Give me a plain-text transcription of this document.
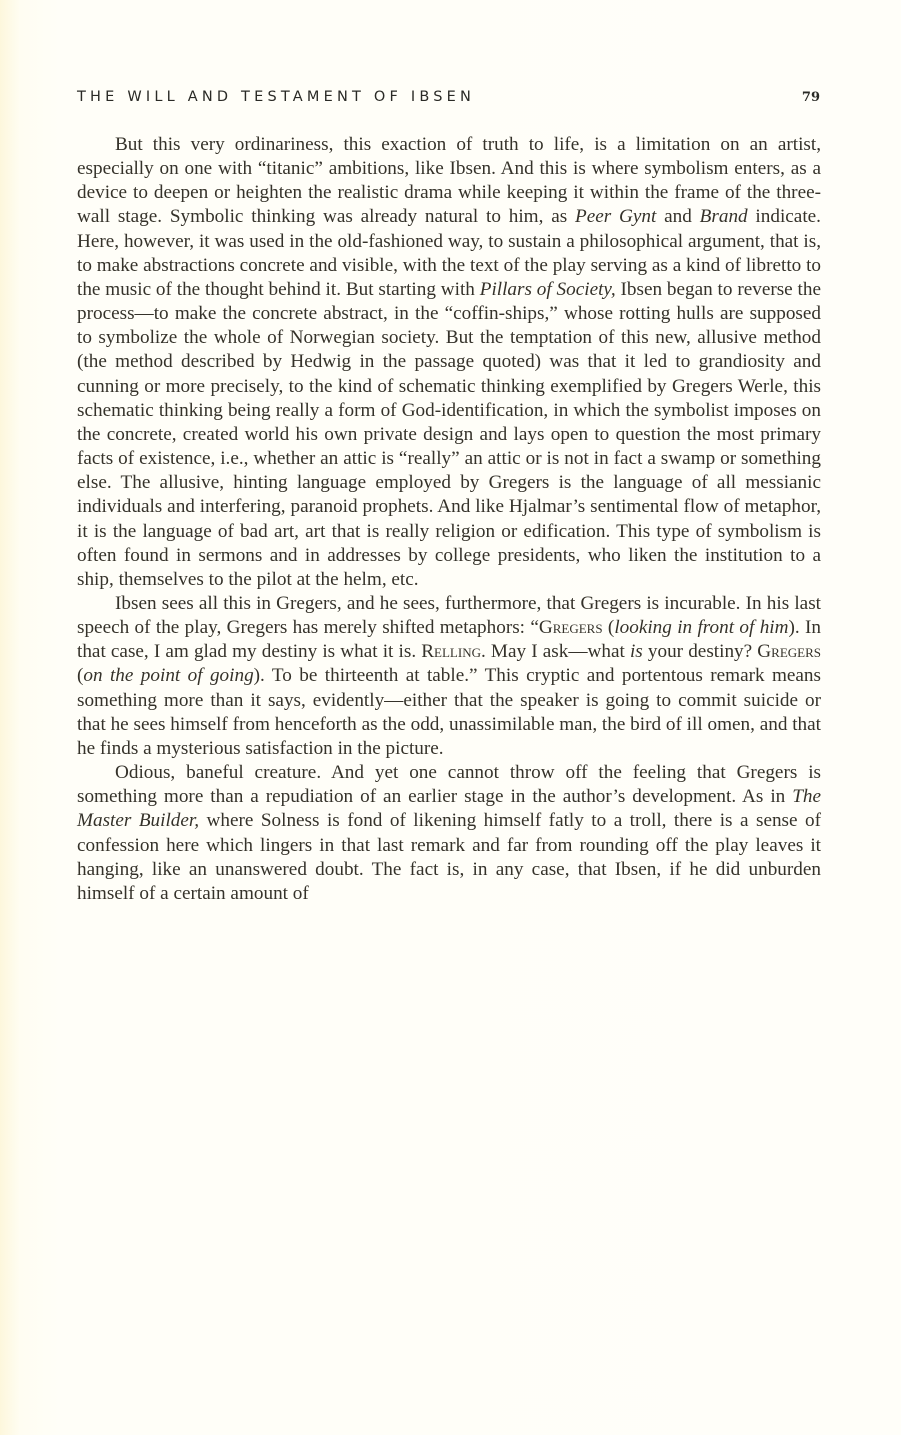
THE WILL AND TESTAMENT OF IBSEN	79

But this very ordinariness, this exaction of truth to life, is a limitation on an artist, especially on one with “titanic” ambitions, like Ibsen. And this is where symbolism enters, as a device to deepen or heighten the realistic drama while keeping it within the frame of the three-wall stage. Symbolic thinking was already natural to him, as Peer Gynt and Brand indicate. Here, however, it was used in the old-fashioned way, to sustain a philosophical argument, that is, to make abstractions concrete and visible, with the text of the play serving as a kind of libretto to the music of the thought behind it. But starting with Pillars of Society, Ibsen began to reverse the process—to make the concrete abstract, in the “coffin-ships,” whose rotting hulls are supposed to symbolize the whole of Norwegian society. But the temptation of this new, allusive method (the method described by Hedwig in the passage quoted) was that it led to grandiosity and cunning or more precisely, to the kind of schematic thinking exemplified by Gregers Werle, this schematic thinking being really a form of God-identification, in which the symbolist imposes on the concrete, created world his own private design and lays open to question the most primary facts of existence, i.e., whether an attic is “really” an attic or is not in fact a swamp or something else. The allusive, hinting language employed by Gregers is the language of all messianic individuals and interfering, paranoid prophets. And like Hjalmar’s sentimental flow of metaphor, it is the language of bad art, art that is really religion or edification. This type of symbolism is often found in sermons and in addresses by college presidents, who liken the institution to a ship, themselves to the pilot at the helm, etc.

Ibsen sees all this in Gregers, and he sees, furthermore, that Gregers is incurable. In his last speech of the play, Gregers has merely shifted metaphors: “Gregers (looking in front of him). In that case, I am glad my destiny is what it is. Relling. May I ask—what is your destiny? Gregers (on the point of going). To be thirteenth at table.” This cryptic and portentous remark means something more than it says, evidently—either that the speaker is going to commit suicide or that he sees himself from henceforth as the odd, unassimilable man, the bird of ill omen, and that he finds a mysterious satisfaction in the picture.

Odious, baneful creature. And yet one cannot throw off the feeling that Gregers is something more than a repudiation of an earlier stage in the author’s development. As in The Master Builder, where Solness is fond of likening himself fatly to a troll, there is a sense of confession here which lingers in that last remark and far from rounding off the play leaves it hanging, like an unanswered doubt. The fact is, in any case, that Ibsen, if he did unburden himself of a certain amount of
